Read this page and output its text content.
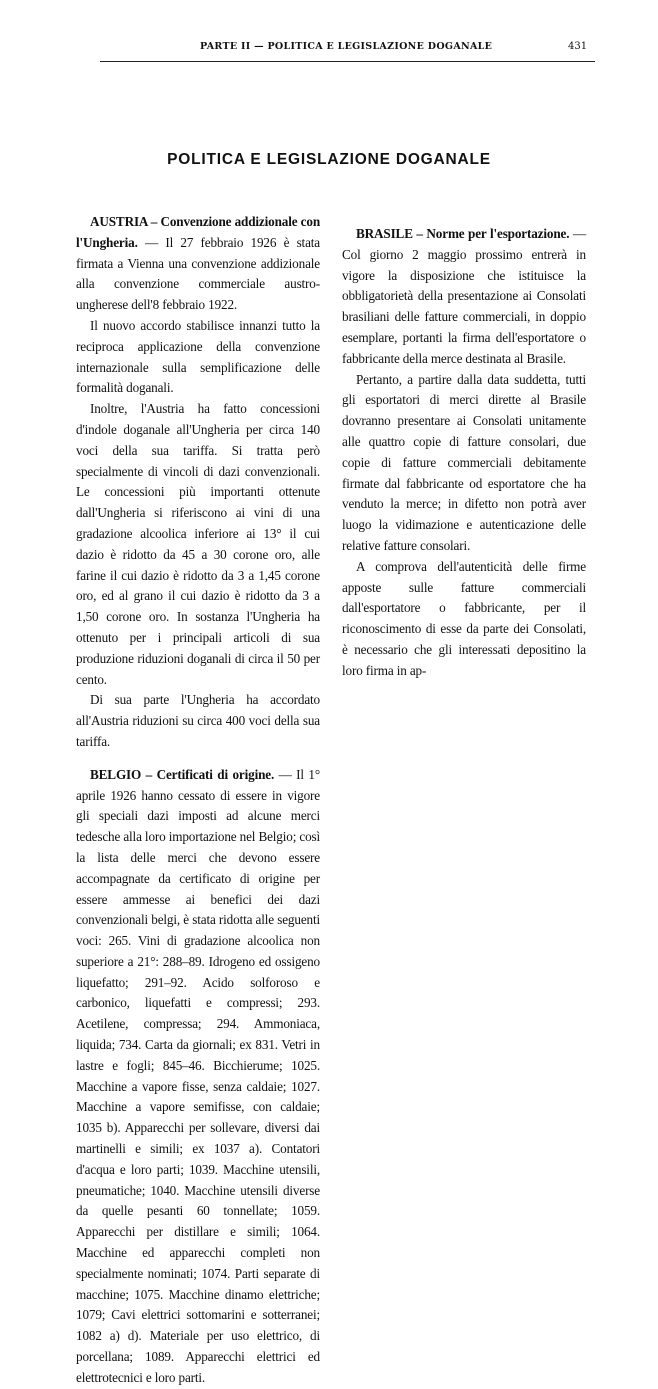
PARTE II — POLITICA E LEGISLAZIONE DOGANALE	431
POLITICA E LEGISLAZIONE DOGANALE

AUSTRIA – Convenzione addizionale con l'Ungheria. — Il 27 febbraio 1926 è stata firmata a Vienna una convenzione addizionale alla convenzione commerciale austro-ungherese dell'8 febbraio 1922.

Il nuovo accordo stabilisce innanzi tutto la reciproca applicazione della convenzione internazionale sulla semplificazione delle formalità doganali.

Inoltre, l'Austria ha fatto concessioni d'indole doganale all'Ungheria per circa 140 voci della sua tariffa. Si tratta però specialmente di vincoli di dazi convenzionali. Le concessioni più importanti ottenute dall'Ungheria si riferiscono ai vini di una gradazione alcoolica inferiore ai 13° il cui dazio è ridotto da 45 a 30 corone oro, alle farine il cui dazio è ridotto da 3 a 1,45 corone oro, ed al grano il cui dazio è ridotto da 3 a 1,50 corone oro. In sostanza l'Ungheria ha ottenuto per i principali articoli di sua produzione riduzioni doganali di circa il 50 per cento.

Di sua parte l'Ungheria ha accordato all'Austria riduzioni su circa 400 voci della sua tariffa.

BELGIO – Certificati di origine. — Il 1° aprile 1926 hanno cessato di essere in vigore gli speciali dazi imposti ad alcune merci tedesche alla loro importazione nel Belgio; così la lista delle merci che devono essere accompagnate da certificato di origine per essere ammesse ai benefici dei dazi convenzionali belgi, è stata ridotta alle seguenti voci: 265. Vini di gradazione alcoolica non superiore a 21°: 288–89. Idrogeno ed ossigeno liquefatto; 291–92. Acido solforoso e carbonico, liquefatti e compressi; 293. Acetilene, compressa; 294. Ammoniaca, liquida; 734. Carta da giornali; ex 831. Vetri in lastre e fogli; 845–46. Bicchierume; 1025. Macchine a vapore fisse, senza caldaie; 1027. Macchine a vapore semifisse, con caldaie; 1035 b). Apparecchi per sollevare, diversi dai martinelli e simili; ex 1037 a). Contatori d'acqua e loro parti; 1039. Macchine utensili, pneumatiche; 1040. Macchine utensili diverse da quelle pesanti 60 tonnellate; 1059. Apparecchi per distillare e simili; 1064. Macchine ed apparecchi completi non specialmente nominati; 1074. Parti separate di macchine; 1075. Macchine dinamo elettriche; 1079; Cavi elettrici sottomarini e sotterranei; 1082 a) d). Materiale per uso elettrico, di porcellana; 1089. Apparecchi elettrici ed elettrotecnici e loro parti.

BRASILE – Norme per l'esportazione. — Col giorno 2 maggio prossimo entrerà in vigore la disposizione che istituisce la obbligatorietà della presentazione ai Consolati brasiliani delle fatture commerciali, in doppio esemplare, portanti la firma dell'esportatore o fabbricante della merce destinata al Brasile.

Pertanto, a partire dalla data suddetta, tutti gli esportatori di merci dirette al Brasile dovranno presentare ai Consolati unitamente alle quattro copie di fatture consolari, due copie di fatture commerciali debitamente firmate dal fabbricante od esportatore che ha venduto la merce; in difetto non potrà aver luogo la vidimazione e autenticazione delle relative fatture consolari.

A comprova dell'autenticità delle firme apposte sulle fatture commerciali dall'esportatore o fabbricante, per il riconoscimento di esse da parte dei Consolati, è necessario che gli interessati depositino la loro firma in ap-
